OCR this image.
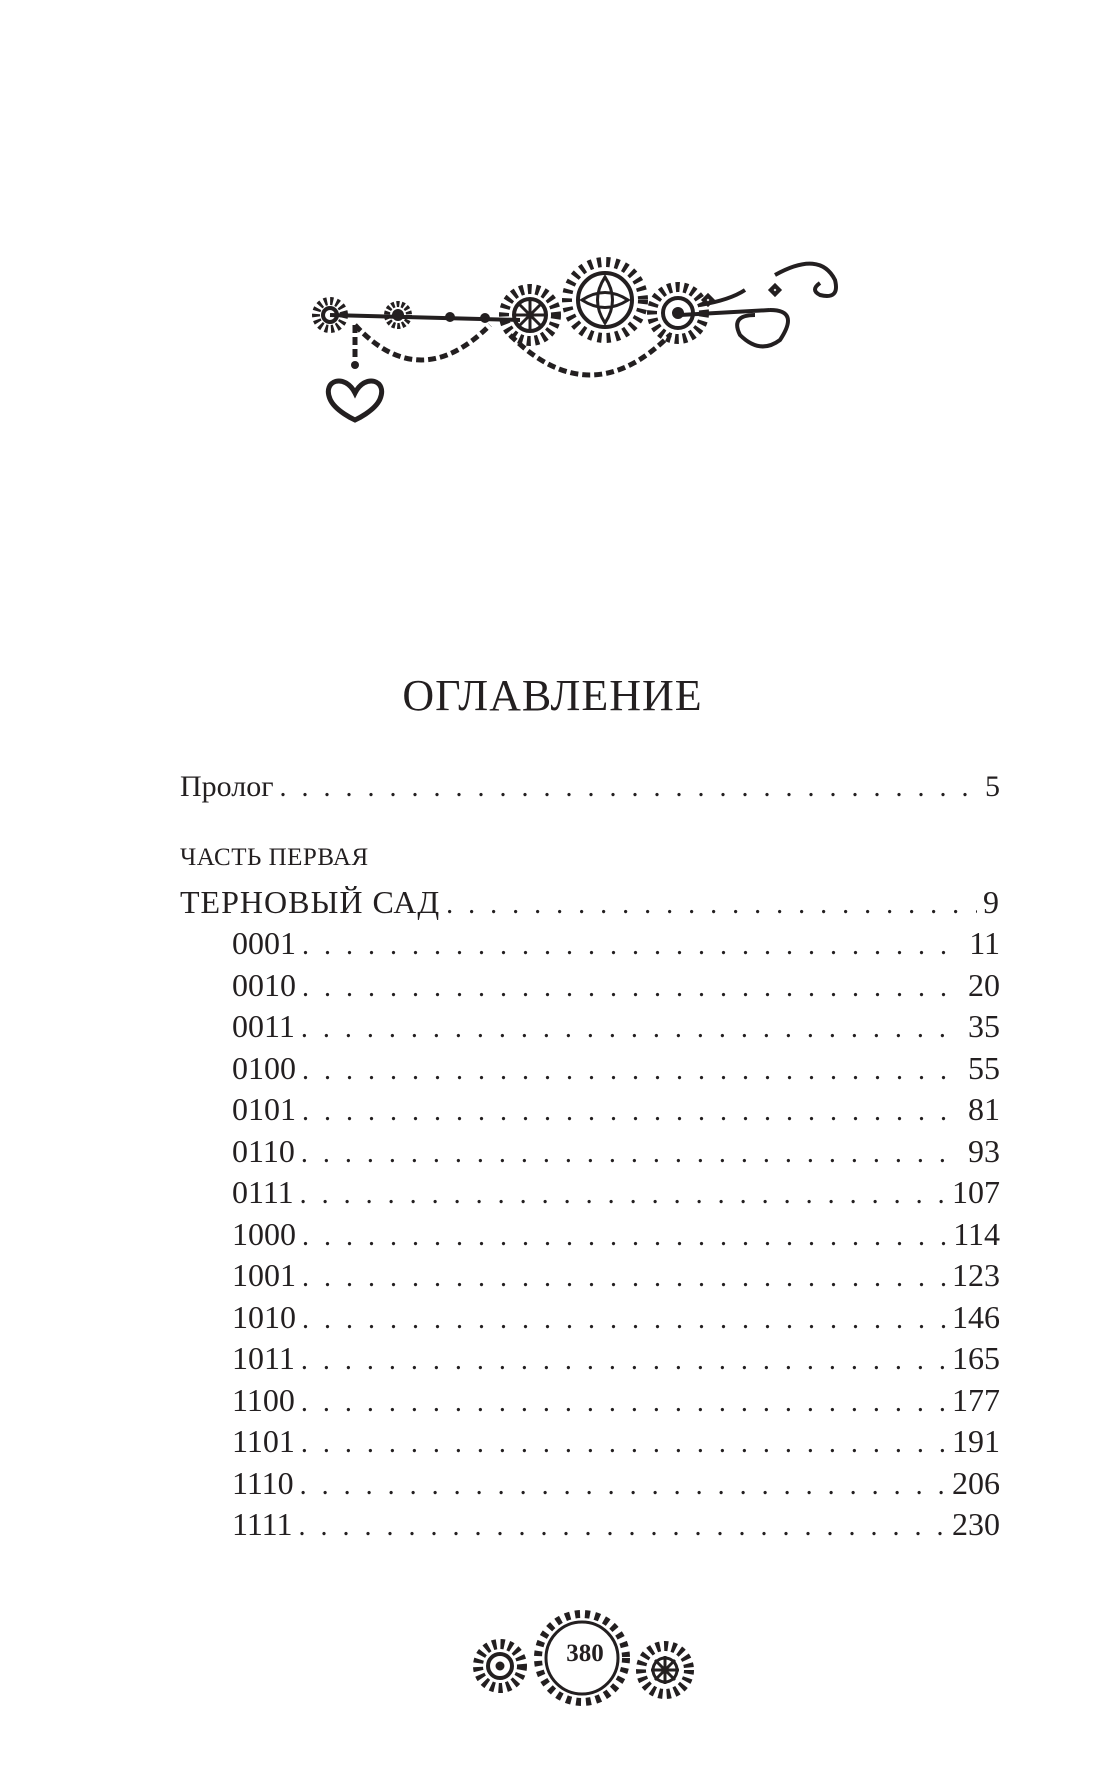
ОГЛАВЛЕНИЕ
Пролог . . .	5
ЧАСТЬ ПЕРВАЯ
ТЕРНОВЫЙ САД . . .	9
0001 . . .	11
0010 . . .	20
0011 . . .	35
0100 . . .	55
0101 . . .	81
0110 . . .	93
0111 . . .	107
1000 . . .	114
1001 . . .	123
1010 . . .	146
1011 . . .	165
1100 . . .	177
1101 . . .	191
1110 . . .	206
1111 . . .	230
380
